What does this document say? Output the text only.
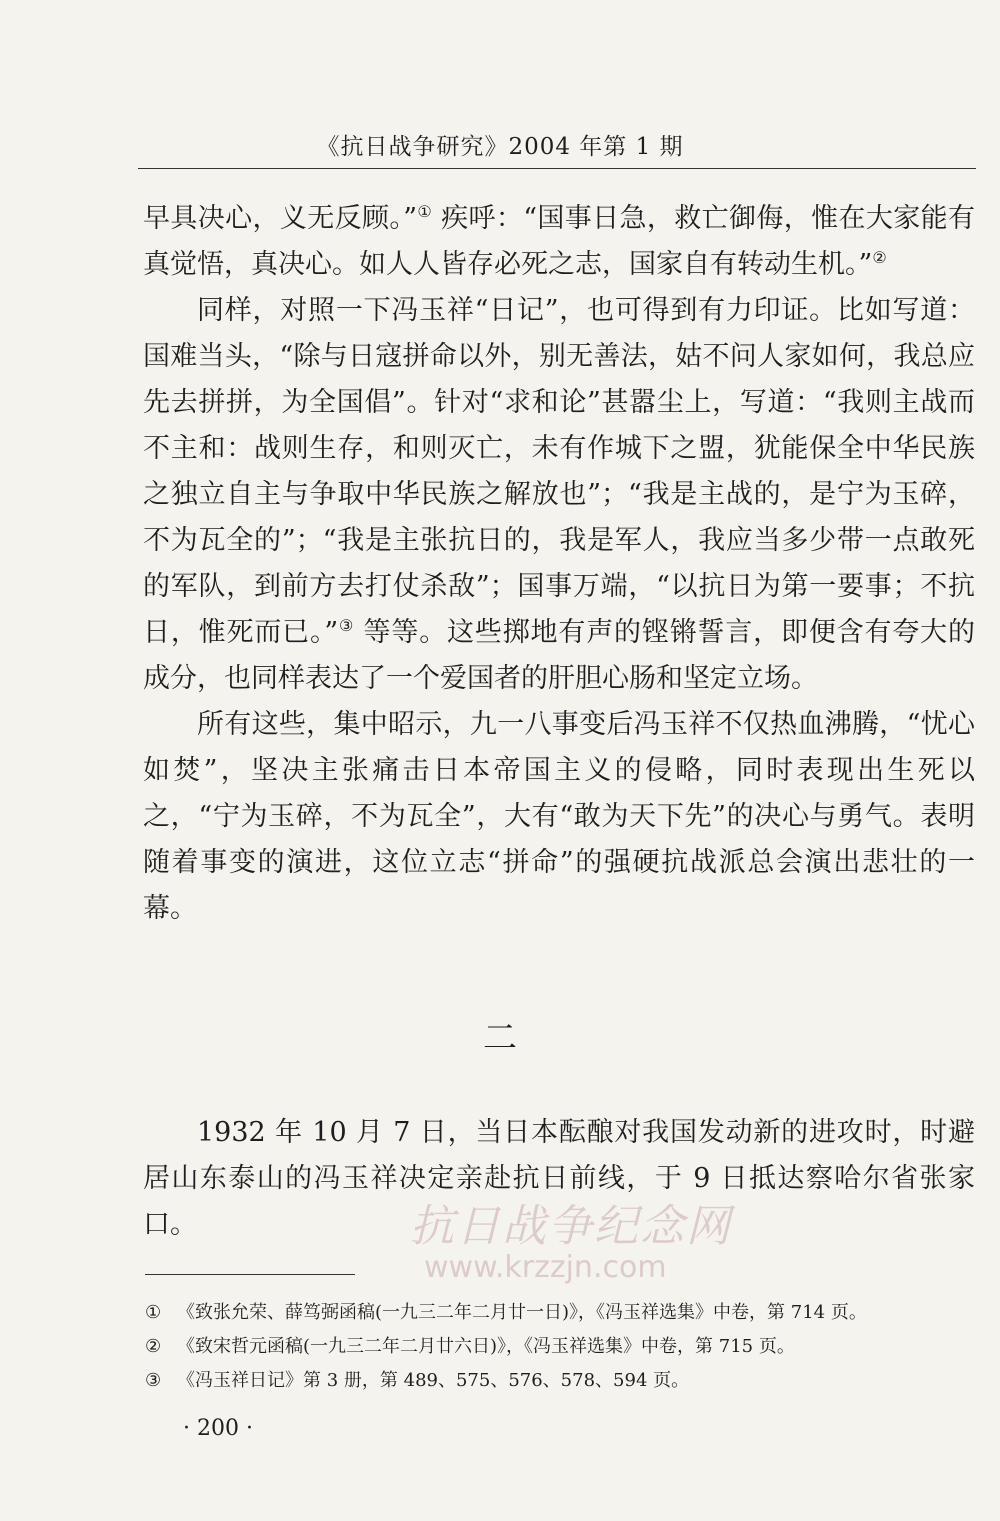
《抗日战争研究》2004 年第 1 期

早具决心，义无反顾。”① 疾呼：“国事日急，救亡御侮，惟在大家能有真觉悟，真决心。如人人皆存必死之志，国家自有转动生机。”②

同样，对照一下冯玉祥“日记”，也可得到有力印证。比如写道：国难当头，“除与日寇拼命以外，别无善法，姑不问人家如何，我总应先去拼拼，为全国倡”。针对“求和论”甚嚣尘上，写道：“我则主战而不主和：战则生存，和则灭亡，未有作城下之盟，犹能保全中华民族之独立自主与争取中华民族之解放也”；“我是主战的，是宁为玉碎，不为瓦全的”；“我是主张抗日的，我是军人，我应当多少带一点敢死的军队，到前方去打仗杀敌”；国事万端，“以抗日为第一要事；不抗日，惟死而已。”③ 等等。这些掷地有声的铿锵誓言，即便含有夸大的成分，也同样表达了一个爱国者的肝胆心肠和坚定立场。

所有这些，集中昭示，九一八事变后冯玉祥不仅热血沸腾，“忧心如焚”，坚决主张痛击日本帝国主义的侵略，同时表现出生死以之，“宁为玉碎，不为瓦全”，大有“敢为天下先”的决心与勇气。表明随着事变的演进，这位立志“拼命”的强硬抗战派总会演出悲壮的一幕。

二

1932 年 10 月 7 日，当日本酝酿对我国发动新的进攻时，时避居山东泰山的冯玉祥决定亲赴抗日前线，于 9 日抵达察哈尔省张家口。	抗日战争纪念网
www.krzzjn.com
① 《致张允荣、薛笃弼函稿(一九三二年二月廿一日)》，《冯玉祥选集》中卷，第 714 页。
② 《致宋哲元函稿(一九三二年二月廿六日)》，《冯玉祥选集》中卷，第 715 页。
③ 《冯玉祥日记》第 3 册，第 489、575、576、578、594 页。
· 200 ·
